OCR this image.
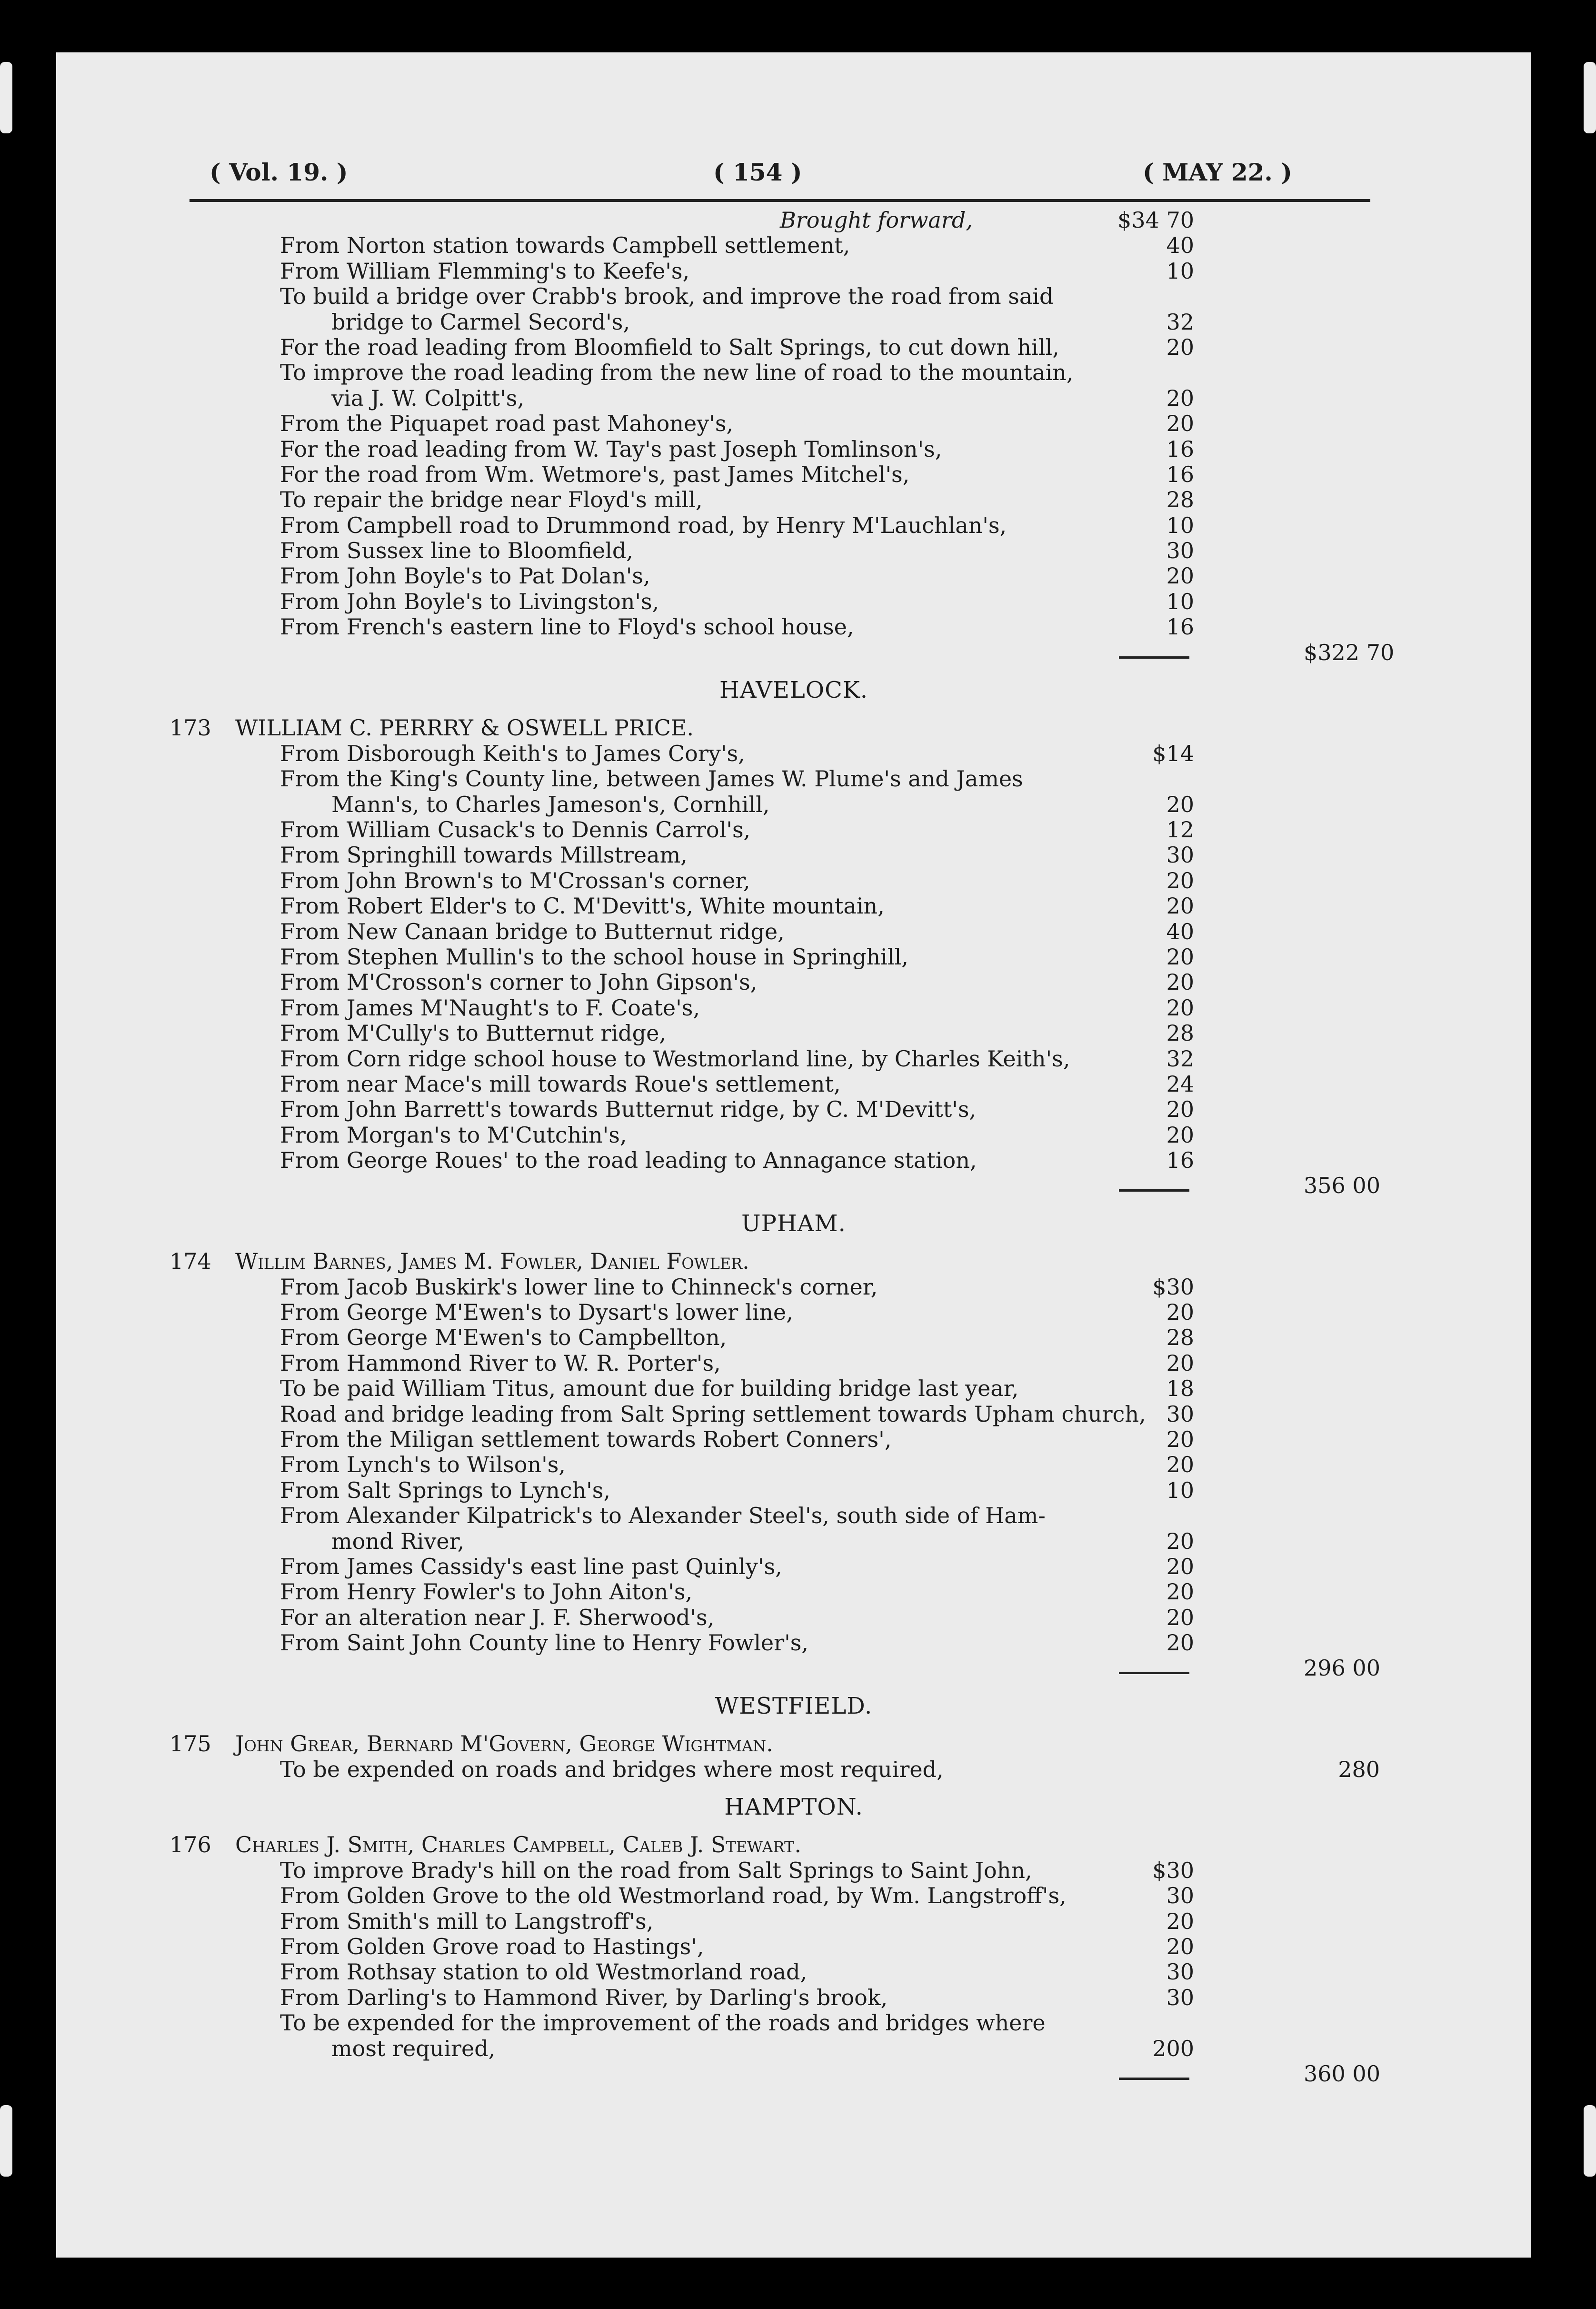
( Vol. 19. )	( 154 )	( MAY 22. )
Brought forward,	$34 70
From Norton station towards Campbell settlement,	40
From William Flemming's to Keefe's,	10
To build a bridge over Crabb's brook, and improve the road from said
bridge to Carmel Secord's,	32
For the road leading from Bloomfield to Salt Springs, to cut down hill,	20
To improve the road leading from the new line of road to the mountain,
via J. W. Colpitt's,	20
From the Piquapet road past Mahoney's,	20
For the road leading from W. Tay's past Joseph Tomlinson's,	16
For the road from Wm. Wetmore's, past James Mitchel's,	16
To repair the bridge near Floyd's mill,	28
From Campbell road to Drummond road, by Henry M'Lauchlan's,	10
From Sussex line to Bloomfield,	30
From John Boyle's to Pat Dolan's,	20
From John Boyle's to Livingston's,	10
From French's eastern line to Floyd's school house,	16
$322 70
HAVELOCK.
173 WILLIAM C. PERRRY & OSWELL PRICE.
From Disborough Keith's to James Cory's,	$14
From the King's County line, between James W. Plume's and James
Mann's, to Charles Jameson's, Cornhill,	20
From William Cusack's to Dennis Carrol's,	12
From Springhill towards Millstream,	30
From John Brown's to M'Crossan's corner,	20
From Robert Elder's to C. M'Devitt's, White mountain,	20
From New Canaan bridge to Butternut ridge,	40
From Stephen Mullin's to the school house in Springhill,	20
From M'Crosson's corner to John Gipson's,	20
From James M'Naught's to F. Coate's,	20
From M'Cully's to Butternut ridge,	28
From Corn ridge school house to Westmorland line, by Charles Keith's,	32
From near Mace's mill towards Roue's settlement,	24
From John Barrett's towards Butternut ridge, by C. M'Devitt's,	20
From Morgan's to M'Cutchin's,	20
From George Roues' to the road leading to Annagance station,	16
356 00
UPHAM.
174 Willim Barnes, James M. Fowler, Daniel Fowler.
From Jacob Buskirk's lower line to Chinneck's corner,	$30
From George M'Ewen's to Dysart's lower line,	20
From George M'Ewen's to Campbellton,	28
From Hammond River to W. R. Porter's,	20
To be paid William Titus, amount due for building bridge last year,	18
Road and bridge leading from Salt Spring settlement towards Upham church, 30
From the Miligan settlement towards Robert Conners',	20
From Lynch's to Wilson's,	20
From Salt Springs to Lynch's,	10
From Alexander Kilpatrick's to Alexander Steel's, south side of Ham-
mond River,	20
From James Cassidy's east line past Quinly's,	20
From Henry Fowler's to John Aiton's,	20
For an alteration near J. F. Sherwood's,	20
From Saint John County line to Henry Fowler's,	20
296 00
WESTFIELD.
175 John Grear, Bernard M'Govern, George Wightman.
To be expended on roads and bridges where most required,	280
HAMPTON.
176 Charles J. Smith, Charles Campbell, Caleb J. Stewart.
To improve Brady's hill on the road from Salt Springs to Saint John,	$30
From Golden Grove to the old Westmorland road, by Wm. Langstroff's,	30
From Smith's mill to Langstroff's,	20
From Golden Grove road to Hastings',	20
From Rothsay station to old Westmorland road,	30
From Darling's to Hammond River, by Darling's brook,	30
To be expended for the improvement of the roads and bridges where
most required,	200
360 00
